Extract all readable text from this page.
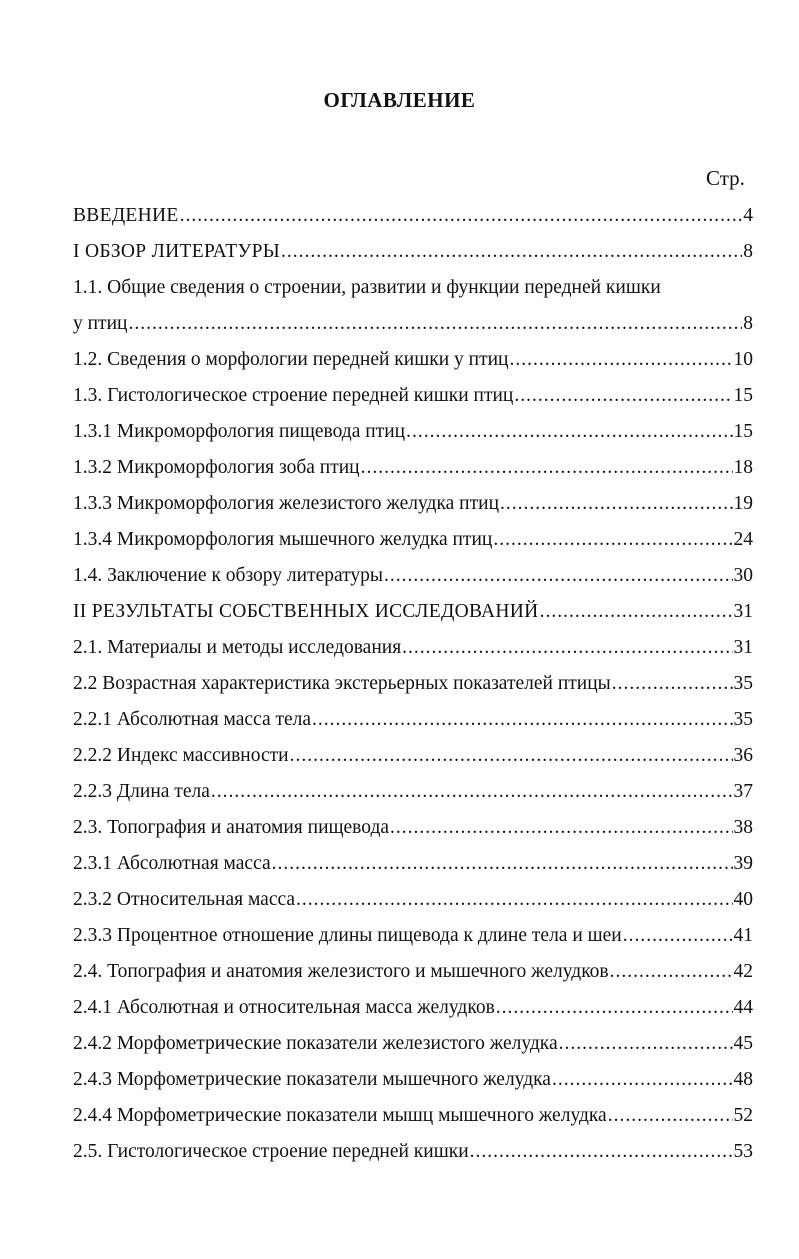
ОГЛАВЛЕНИЕ
Стр.
ВВЕДЕНИЕ .....	4
I ОБЗОР ЛИТЕРАТУРЫ .....	8
1.1. Общие сведения о строении, развитии и функции передней кишки
у птиц .....	8
1.2. Сведения о морфологии передней кишки у птиц .....	10
1.3. Гистологическое строение передней кишки птиц .....	15
1.3.1 Микроморфология пищевода птиц .....	15
1.3.2 Микроморфология зоба птиц .....	18
1.3.3 Микроморфология железистого желудка птиц .....	19
1.3.4 Микроморфология мышечного желудка птиц .....	24
1.4. Заключение к обзору литературы .....	30
II РЕЗУЛЬТАТЫ СОБСТВЕННЫХ ИССЛЕДОВАНИЙ .....	31
2.1. Материалы и методы исследования .....	31
2.2 Возрастная характеристика экстерьерных показателей птицы .....	35
2.2.1 Абсолютная масса тела .....	35
2.2.2 Индекс массивности .....	36
2.2.3 Длина тела .....	37
2.3. Топография и анатомия пищевода .....	38
2.3.1 Абсолютная масса .....	39
2.3.2 Относительная масса .....	40
2.3.3 Процентное отношение длины пищевода к длине тела и шеи .....	41
2.4. Топография и анатомия железистого и мышечного желудков .....	42
2.4.1 Абсолютная и относительная масса желудков .....	44
2.4.2 Морфометрические показатели железистого желудка .....	45
2.4.3 Морфометрические показатели мышечного желудка .....	48
2.4.4 Морфометрические показатели мышц мышечного желудка .....	52
2.5. Гистологическое строение передней кишки .....	53
